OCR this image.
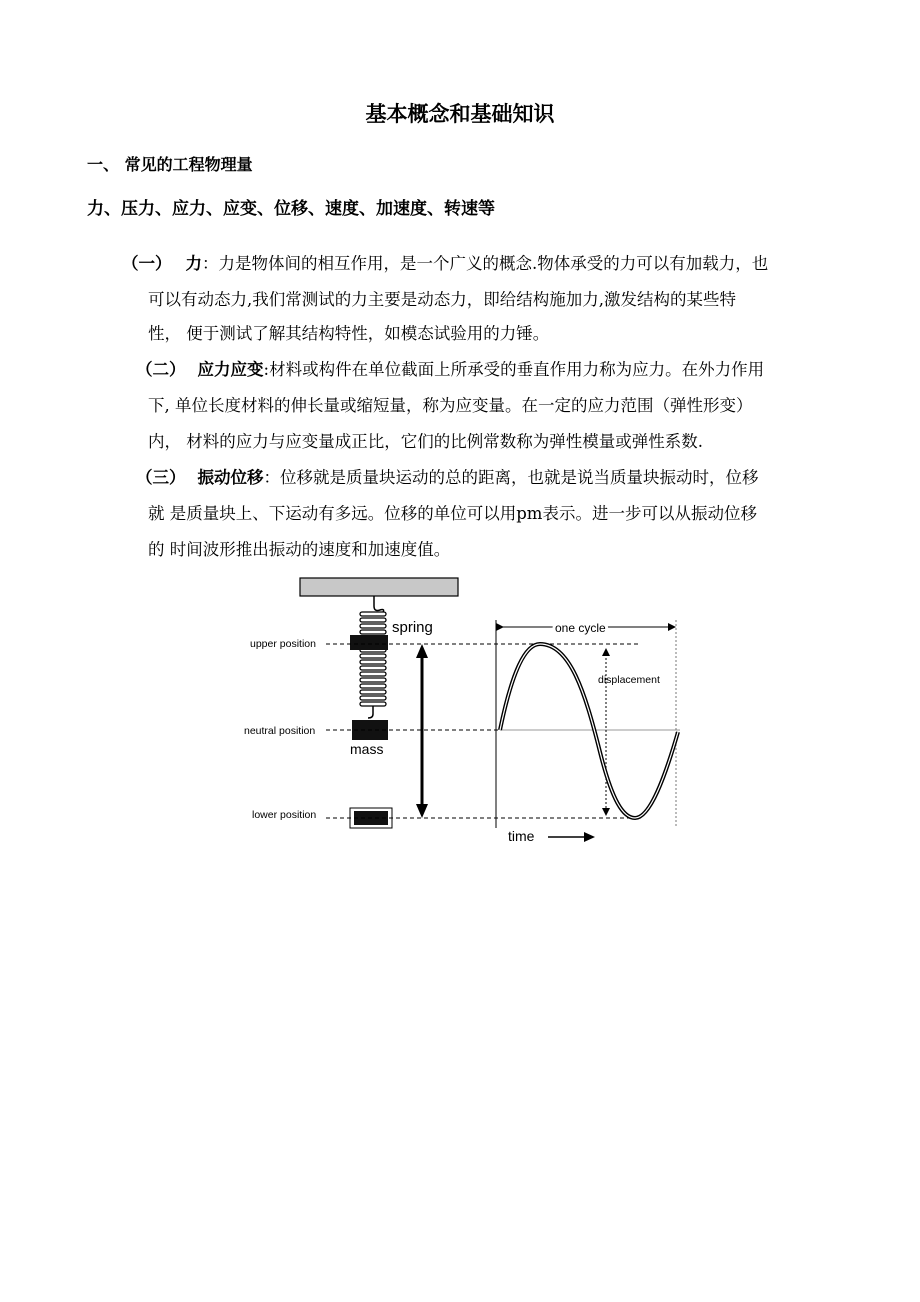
基本概念和基础知识
一、 常见的工程物理量
力、压力、应力、应变、位移、速度、加速度、转速等
（一） 力：力是物体间的相互作用，是一个广义的概念.物体承受的力可以有加载力，也
可以有动态力,我们常测试的力主要是动态力，即给结构施加力,激发结构的某些特
性， 便于测试了解其结构特性，如模态试验用的力锤。
（二） 应力应变:材料或构件在单位截面上所承受的垂直作用力称为应力。在外力作用
下, 单位长度材料的伸长量或缩短量，称为应变量。在一定的应力范围（弹性形变）
内， 材料的应力与应变量成正比，它们的比例常数称为弹性模量或弹性系数.
（三） 振动位移：位移就是质量块运动的总的距离，也就是说当质量块振动时，位移
就 是质量块上、下运动有多远。位移的单位可以用pm表示。进一步可以从振动位移
的 时间波形推出振动的速度和加速度值。
spring
mass
upper position
neutral position
lower position
one cycle
displacement
time
